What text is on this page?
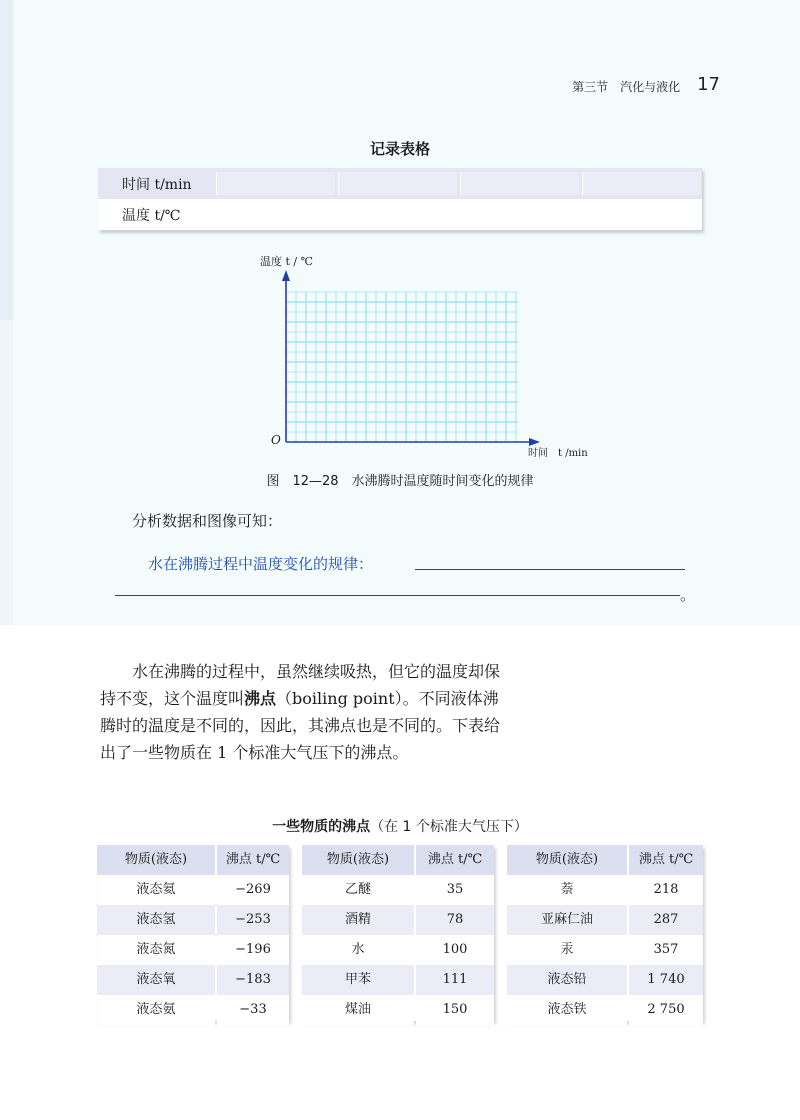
第三节　汽化与液化 17
记录表格
时间 t/min
温度 t/℃
温度 t / ℃
时间　t /min
O
图　12—28　水沸腾时温度随时间变化的规律
分析数据和图像可知：
水在沸腾过程中温度变化的规律：
。

水在沸腾的过程中，虽然继续吸热，但它的温度却保持不变，这个温度叫沸点（boiling point）。不同液体沸腾时的温度是不同的，因此，其沸点也是不同的。下表给出了一些物质在 1 个标准大气压下的沸点。

一些物质的沸点（在 1 个标准大气压下）
物质(液态)	沸点 t/℃
液态氦	−269
液态氢	−253
液态氮	−196
液态氧	−183
液态氨	−33
物质(液态)	沸点 t/℃
乙醚	35
酒精	78
水	100
甲苯	111
煤油	150
物质(液态)	沸点 t/℃
萘	218
亚麻仁油	287
汞	357
液态铅	1 740
液态铁	2 750
